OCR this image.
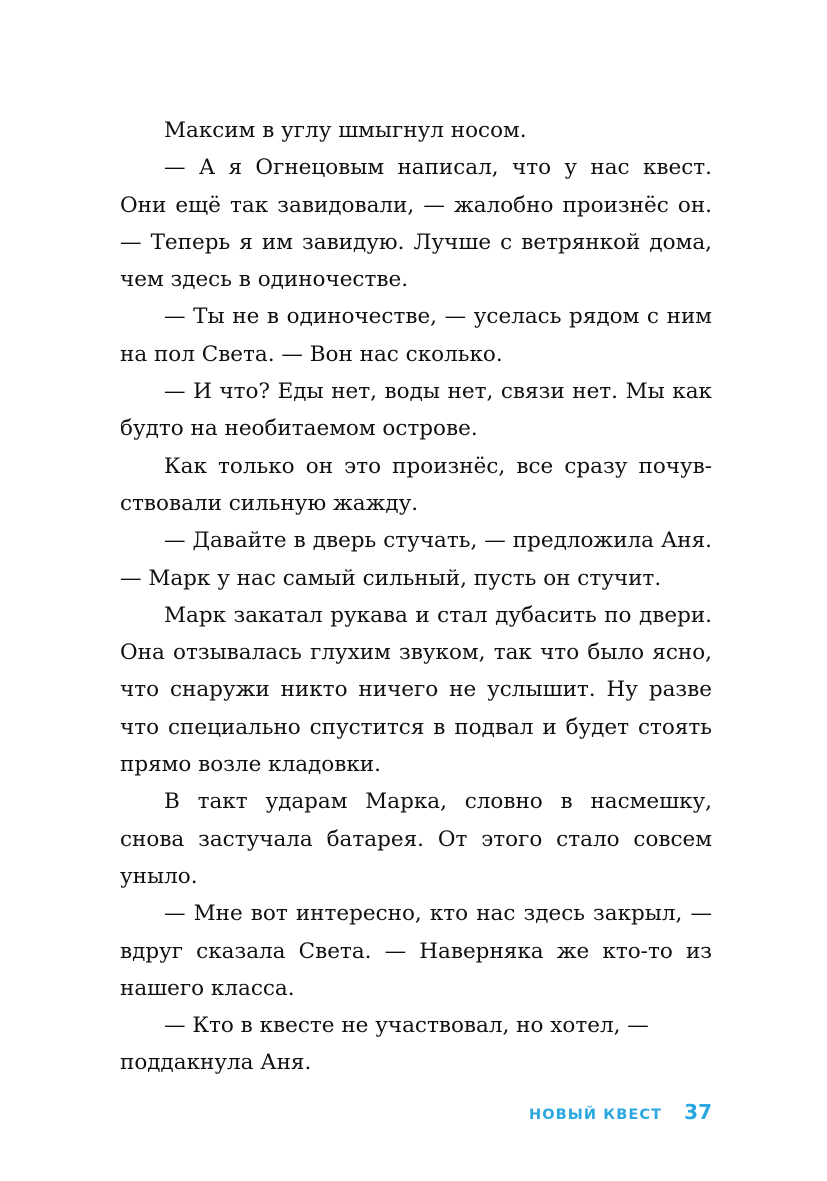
Максим в углу шмыгнул носом.

— А я Огнецовым написал, что у нас квест. Они ещё так завидовали, — жалобно произнёс он. — Теперь я им завидую. Лучше с ветрянкой дома, чем здесь в одиночестве.

— Ты не в одиночестве, — уселась рядом с ним на пол Света. — Вон нас сколько.

— И что? Еды нет, воды нет, связи нет. Мы как будто на необитаемом острове.

Как только он это произнёс, все сразу почувствовали сильную жажду.

— Давайте в дверь стучать, — предложила Аня. — Марк у нас самый сильный, пусть он стучит.

Марк закатал рукава и стал дубасить по двери. Она отзывалась глухим звуком, так что было ясно, что снаружи никто ничего не услышит. Ну разве что специально спустится в подвал и будет стоять прямо возле кладовки.

В такт ударам Марка, словно в насмешку, снова застучала батарея. От этого стало совсем уныло.

— Мне вот интересно, кто нас здесь закрыл, — вдруг сказала Света. — Наверняка же кто-то из нашего класса.

— Кто в квесте не участвовал, но хотел, — поддакнула Аня.

НОВЫЙ КВЕСТ 37
